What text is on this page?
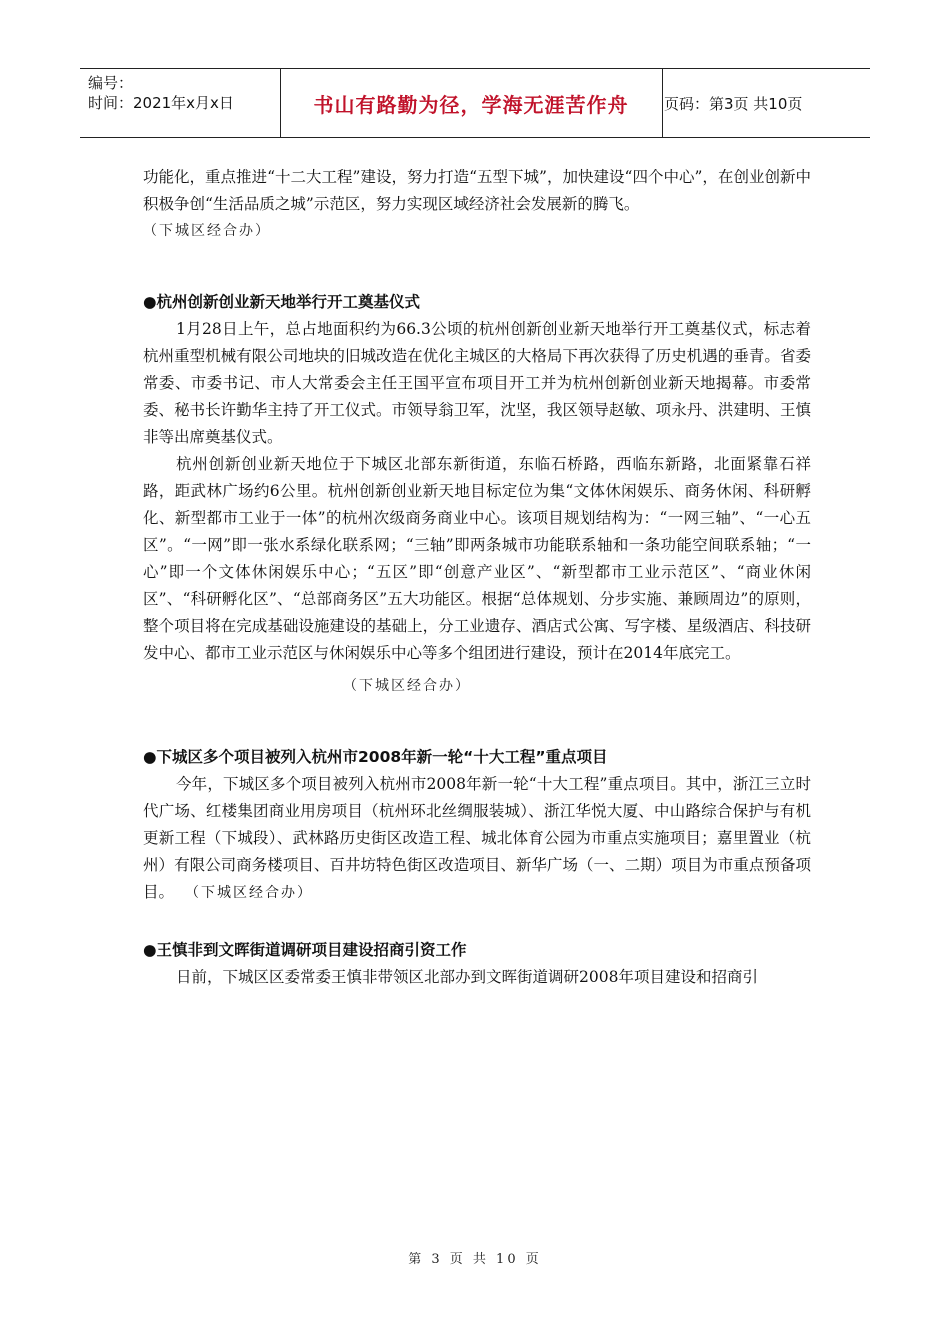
编号：
时间：2021年x月x日	书山有路勤为径，学海无涯苦作舟	页码：第3页 共10页

功能化，重点推进“十二大工程”建设，努力打造“五型下城”，加快建设“四个中心”，在创业创新中积极争创“生活品质之城”示范区，努力实现区域经济社会发展新的腾飞。

（下城区经合办）

●杭州创新创业新天地举行开工奠基仪式

1月28日上午，总占地面积约为66.3公顷的杭州创新创业新天地举行开工奠基仪式，标志着杭州重型机械有限公司地块的旧城改造在优化主城区的大格局下再次获得了历史机遇的垂青。省委常委、市委书记、市人大常委会主任王国平宣布项目开工并为杭州创新创业新天地揭幕。市委常委、秘书长许勤华主持了开工仪式。市领导翁卫军，沈坚，我区领导赵敏、项永丹、洪建明、王慎非等出席奠基仪式。

杭州创新创业新天地位于下城区北部东新街道，东临石桥路，西临东新路，北面紧靠石祥路，距武林广场约6公里。杭州创新创业新天地目标定位为集“文体休闲娱乐、商务休闲、科研孵化、新型都市工业于一体”的杭州次级商务商业中心。该项目规划结构为：“一网三轴”、“一心五区”。“一网”即一张水系绿化联系网；“三轴”即两条城市功能联系轴和一条功能空间联系轴；“一心”即一个文体休闲娱乐中心；“五区”即“创意产业区”、“新型都市工业示范区”、“商业休闲区”、“科研孵化区”、“总部商务区”五大功能区。根据“总体规划、分步实施、兼顾周边”的原则，整个项目将在完成基础设施建设的基础上，分工业遗存、酒店式公寓、写字楼、星级酒店、科技研发中心、都市工业示范区与休闲娱乐中心等多个组团进行建设，预计在2014年底完工。

（下城区经合办）

●下城区多个项目被列入杭州市2008年新一轮“十大工程”重点项目

今年，下城区多个项目被列入杭州市2008年新一轮“十大工程”重点项目。其中，浙江三立时代广场、红楼集团商业用房项目（杭州环北丝绸服装城）、浙江华悦大厦、中山路综合保护与有机更新工程（下城段）、武林路历史街区改造工程、城北体育公园为市重点实施项目；嘉里置业（杭州）有限公司商务楼项目、百井坊特色街区改造项目、新华广场（一、二期）项目为市重点预备项目。 （下城区经合办）

●王慎非到文晖街道调研项目建设招商引资工作

日前，下城区区委常委王慎非带领区北部办到文晖街道调研2008年项目建设和招商引

第 3 页 共 10 页
